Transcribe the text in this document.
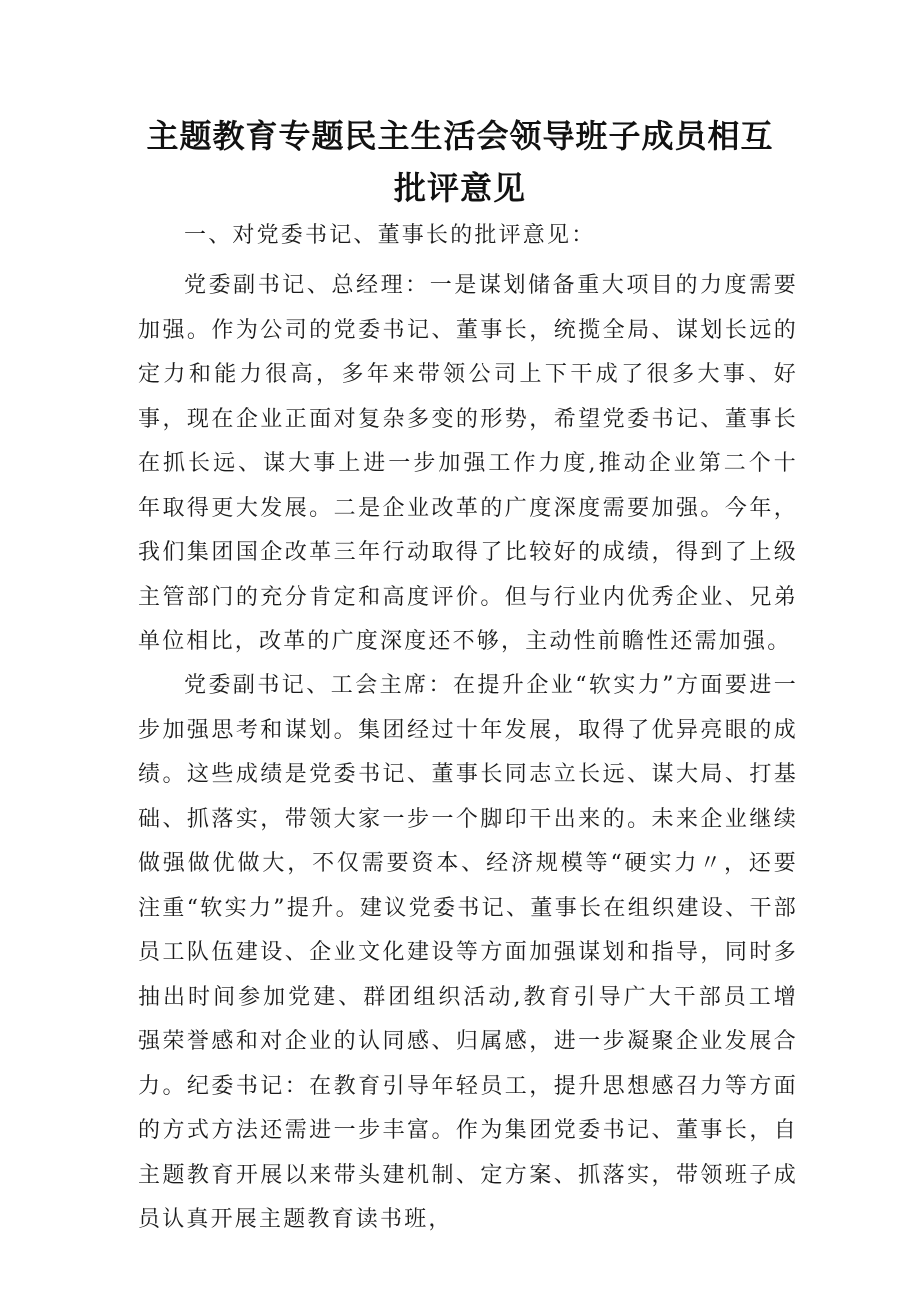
主题教育专题民主生活会领导班子成员相互
批评意见

一、对党委书记、董事长的批评意见：

党委副书记、总经理：一是谋划储备重大项目的力度需要加强。作为公司的党委书记、董事长，统揽全局、谋划长远的定力和能力很高，多年来带领公司上下干成了很多大事、好事，现在企业正面对复杂多变的形势，希望党委书记、董事长在抓长远、谋大事上进一步加强工作力度,推动企业第二个十年取得更大发展。二是企业改革的广度深度需要加强。今年，我们集团国企改革三年行动取得了比较好的成绩，得到了上级主管部门的充分肯定和高度评价。但与行业内优秀企业、兄弟单位相比，改革的广度深度还不够，主动性前瞻性还需加强。

党委副书记、工会主席：在提升企业“软实力”方面要进一步加强思考和谋划。集团经过十年发展，取得了优异亮眼的成绩。这些成绩是党委书记、董事长同志立长远、谋大局、打基础、抓落实，带领大家一步一个脚印干出来的。未来企业继续做强做优做大，不仅需要资本、经济规模等“硬实力〃，还要注重“软实力”提升。建议党委书记、董事长在组织建设、干部员工队伍建设、企业文化建设等方面加强谋划和指导，同时多抽出时间参加党建、群团组织活动,教育引导广大干部员工增强荣誉感和对企业的认同感、归属感，进一步凝聚企业发展合力。纪委书记：在教育引导年轻员工，提升思想感召力等方面的方式方法还需进一步丰富。作为集团党委书记、董事长，自主题教育开展以来带头建机制、定方案、抓落实，带领班子成员认真开展主题教育读书班，
